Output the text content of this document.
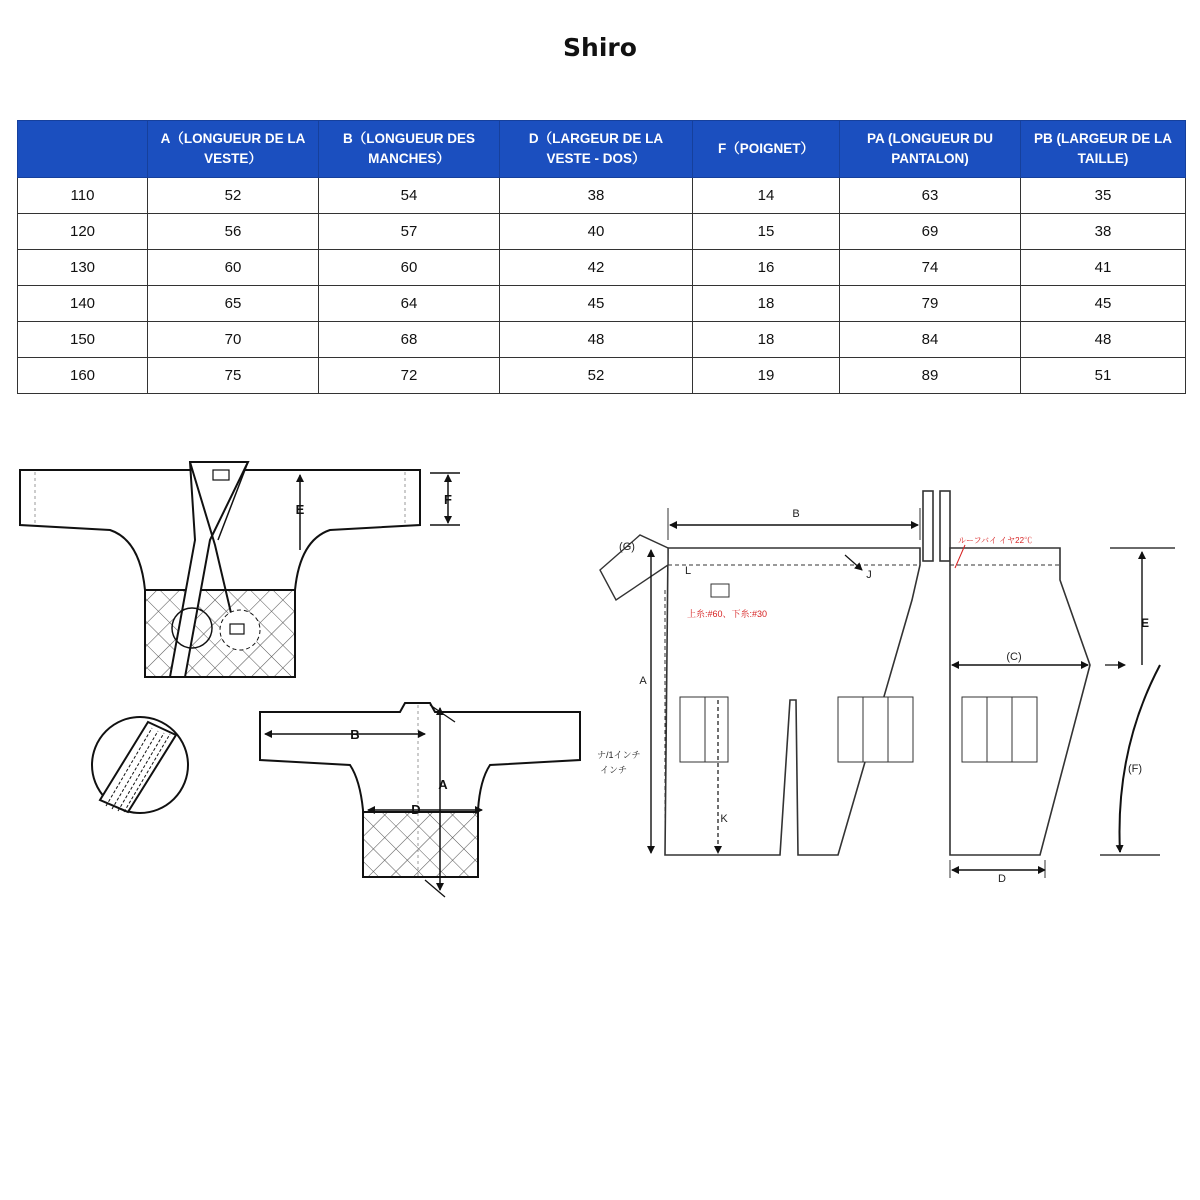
Shiro
	A（LONGUEUR DE LA VESTE）	B（LONGUEUR DES MANCHES）	D（LARGEUR DE LA VESTE - DOS）	F（POIGNET）	PA (LONGUEUR DU PANTALON)	PB (LARGEUR DE LA TAILLE)
110	52	54	38	14	63	35
120	56	57	40	15	69	38
130	60	60	42	16	74	41
140	65	64	45	18	79	45
150	70	68	48	18	84	48
160	75	72	52	19	89	51
E
F
B
A
D
B
A
(C)
D
E
(F)
(G)
J
K
L
上糸:#60、下糸:#30
ルーフバイ イヤ22℃
ナ/1インチ
インチ
